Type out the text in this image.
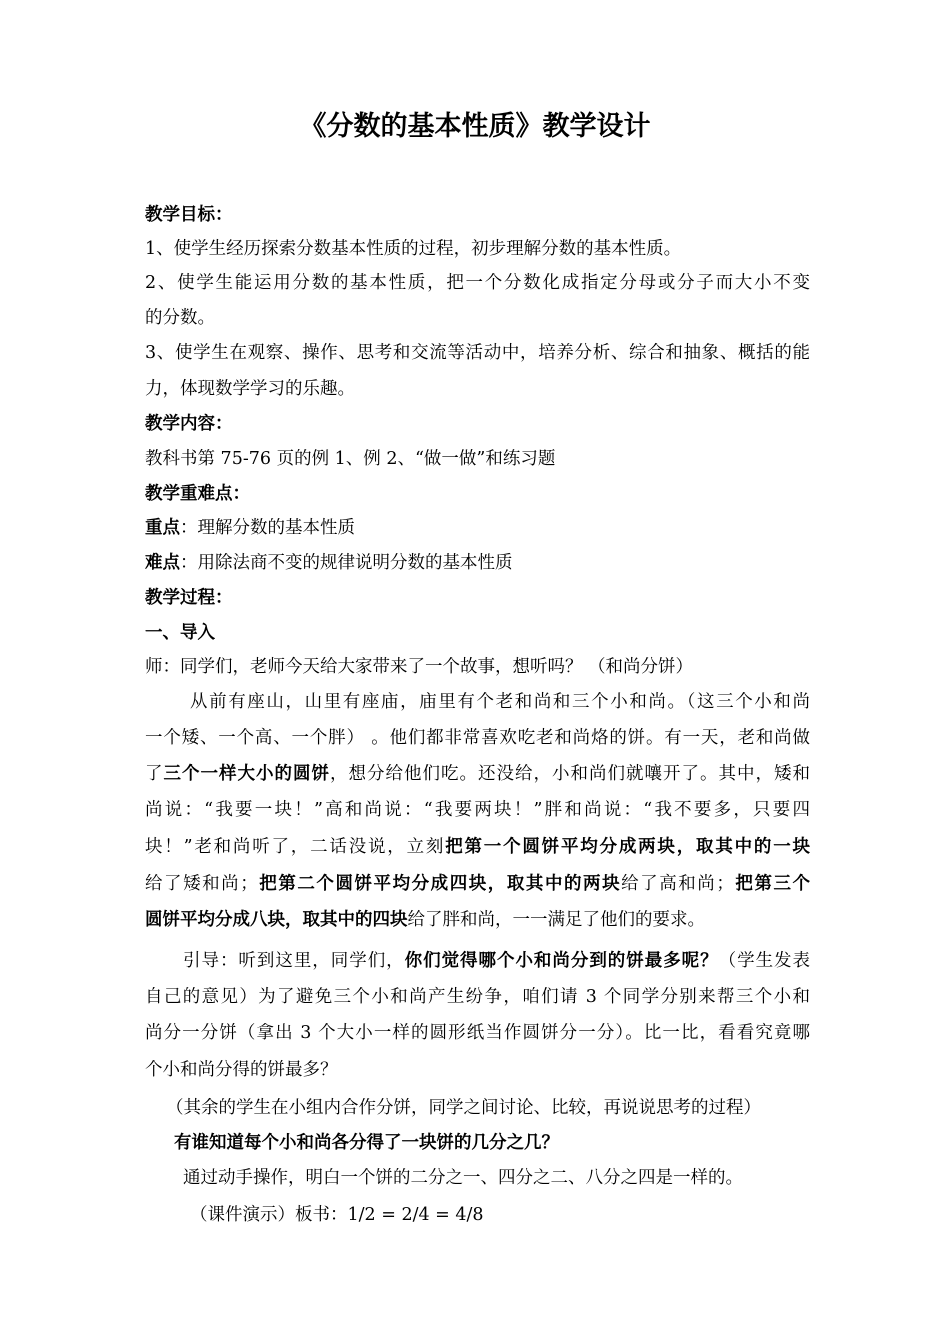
《分数的基本性质》教学设计
教学目标：
1、使学生经历探索分数基本性质的过程，初步理解分数的基本性质。
2、使学生能运用分数的基本性质，把一个分数化成指定分母或分子而大小不变
的分数。
3、使学生在观察、操作、思考和交流等活动中，培养分析、综合和抽象、概括的能
力，体现数学学习的乐趣。
教学内容：
教科书第 75-76 页的例 1、例 2、“做一做”和练习题
教学重难点：
重点：理解分数的基本性质
难点：用除法商不变的规律说明分数的基本性质
教学过程：
一、导入
师：同学们，老师今天给大家带来了一个故事，想听吗？ （和尚分饼）
从前有座山，山里有座庙，庙里有个老和尚和三个小和尚。（这三个小和尚
一个矮、一个高、一个胖） 。他们都非常喜欢吃老和尚烙的饼。有一天，老和尚做
了三个一样大小的圆饼，想分给他们吃。还没给，小和尚们就嚷开了。其中，矮和
尚说：“我要一块！”高和尚说：“我要两块！”胖和尚说：“我不要多，只要四
块！”老和尚听了，二话没说，立刻把第一个圆饼平均分成两块，取其中的一块
给了矮和尚；把第二个圆饼平均分成四块，取其中的两块给了高和尚；把第三个
圆饼平均分成八块，取其中的四块给了胖和尚，一一满足了他们的要求。
引导：听到这里，同学们，你们觉得哪个小和尚分到的饼最多呢？（学生发表
自己的意见）为了避免三个小和尚产生纷争，咱们请 3 个同学分别来帮三个小和
尚分一分饼（拿出 3 个大小一样的圆形纸当作圆饼分一分）。比一比，看看究竟哪
个小和尚分得的饼最多？
（其余的学生在小组内合作分饼，同学之间讨论、比较，再说说思考的过程）
有谁知道每个小和尚各分得了一块饼的几分之几？
通过动手操作，明白一个饼的二分之一、四分之二、八分之四是一样的。
（课件演示）板书：1/2 = 2/4 = 4/8
